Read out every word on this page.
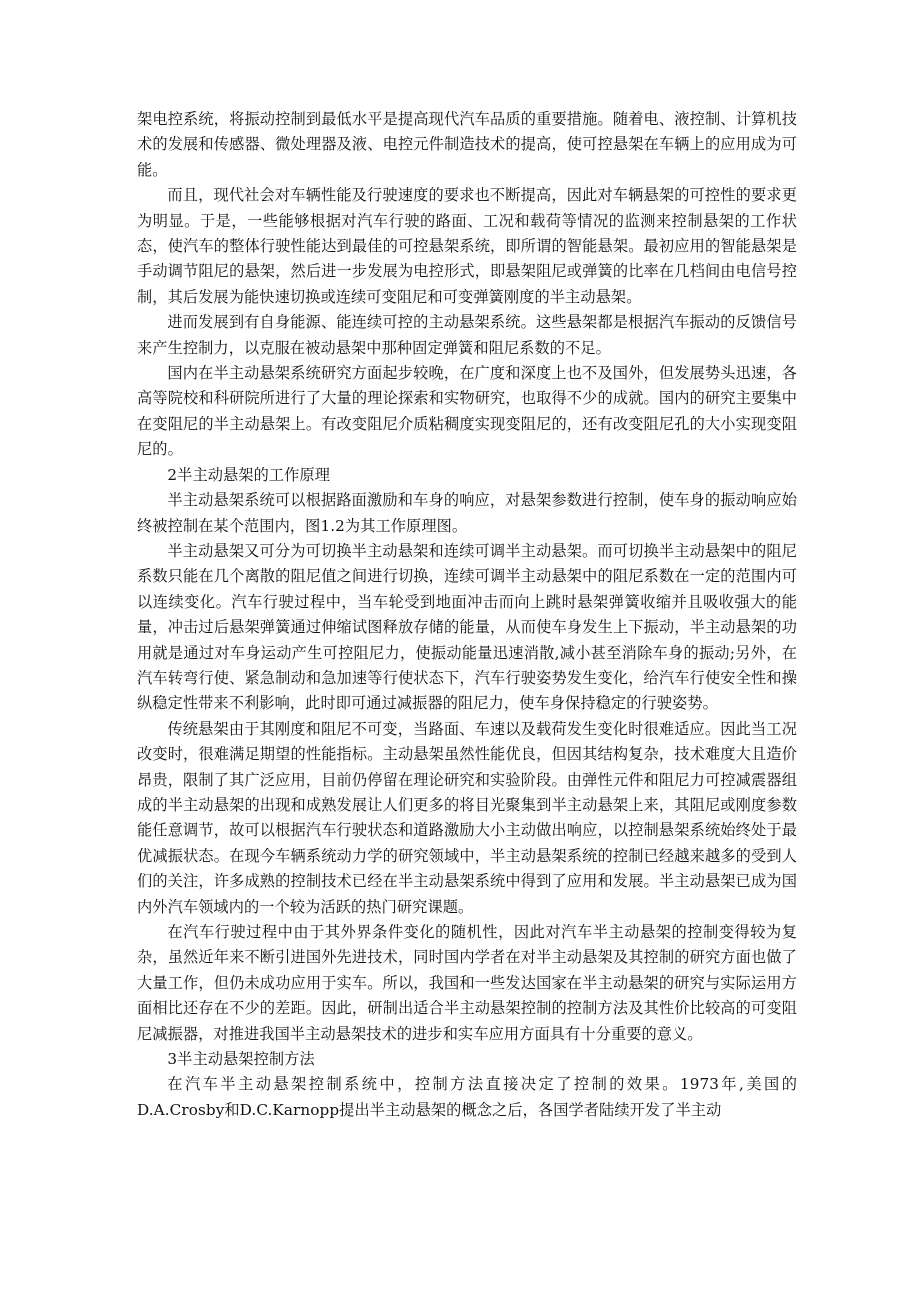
架电控系统，将振动控制到最低水平是提高现代汽车品质的重要措施。随着电、液控制、计算机技术的发展和传感器、微处理器及液、电控元件制造技术的提高，使可控悬架在车辆上的应用成为可能。

而且，现代社会对车辆性能及行驶速度的要求也不断提高，因此对车辆悬架的可控性的要求更为明显。于是，一些能够根据对汽车行驶的路面、工况和载荷等情况的监测来控制悬架的工作状态，使汽车的整体行驶性能达到最佳的可控悬架系统，即所谓的智能悬架。最初应用的智能悬架是手动调节阻尼的悬架，然后进一步发展为电控形式，即悬架阻尼或弹簧的比率在几档间由电信号控制，其后发展为能快速切换或连续可变阻尼和可变弹簧刚度的半主动悬架。

进而发展到有自身能源、能连续可控的主动悬架系统。这些悬架都是根据汽车振动的反馈信号来产生控制力，以克服在被动悬架中那种固定弹簧和阻尼系数的不足。

国内在半主动悬架系统研究方面起步较晚，在广度和深度上也不及国外，但发展势头迅速，各高等院校和科研院所进行了大量的理论探索和实物研究，也取得不少的成就。国内的研究主要集中在变阻尼的半主动悬架上。有改变阻尼介质粘稠度实现变阻尼的，还有改变阻尼孔的大小实现变阻尼的。

2半主动悬架的工作原理

半主动悬架系统可以根据路面激励和车身的响应，对悬架参数进行控制，使车身的振动响应始终被控制在某个范围内，图1.2为其工作原理图。

半主动悬架又可分为可切换半主动悬架和连续可调半主动悬架。而可切换半主动悬架中的阻尼系数只能在几个离散的阻尼值之间进行切换，连续可调半主动悬架中的阻尼系数在一定的范围内可以连续变化。汽车行驶过程中，当车轮受到地面冲击而向上跳时悬架弹簧收缩并且吸收强大的能量，冲击过后悬架弹簧通过伸缩试图释放存储的能量，从而使车身发生上下振动，半主动悬架的功用就是通过对车身运动产生可控阻尼力，使振动能量迅速消散,减小甚至消除车身的振动;另外，在汽车转弯行使、紧急制动和急加速等行使状态下，汽车行驶姿势发生变化，给汽车行使安全性和操纵稳定性带来不利影响，此时即可通过减振器的阻尼力，使车身保持稳定的行驶姿势。

传统悬架由于其刚度和阻尼不可变，当路面、车速以及载荷发生变化时很难适应。因此当工况改变时，很难满足期望的性能指标。主动悬架虽然性能优良，但因其结构复杂，技术难度大且造价昂贵，限制了其广泛应用，目前仍停留在理论研究和实验阶段。由弹性元件和阻尼力可控减震器组成的半主动悬架的出现和成熟发展让人们更多的将目光聚集到半主动悬架上来，其阻尼或刚度参数能任意调节，故可以根据汽车行驶状态和道路激励大小主动做出响应，以控制悬架系统始终处于最优减振状态。在现今车辆系统动力学的研究领域中，半主动悬架系统的控制已经越来越多的受到人们的关注，许多成熟的控制技术已经在半主动悬架系统中得到了应用和发展。半主动悬架已成为国内外汽车领域内的一个较为活跃的热门研究课题。

在汽车行驶过程中由于其外界条件变化的随机性，因此对汽车半主动悬架的控制变得较为复杂，虽然近年来不断引进国外先进技术，同时国内学者在对半主动悬架及其控制的研究方面也做了大量工作，但仍未成功应用于实车。所以，我国和一些发达国家在半主动悬架的研究与实际运用方面相比还存在不少的差距。因此，研制出适合半主动悬架控制的控制方法及其性价比较高的可变阻尼减振器，对推进我国半主动悬架技术的进步和实车应用方面具有十分重要的意义。

3半主动悬架控制方法

在汽车半主动悬架控制系统中，控制方法直接决定了控制的效果。1973年,美国的D.A.Crosby和D.C.Karnopp提出半主动悬架的概念之后，各国学者陆续开发了半主动
